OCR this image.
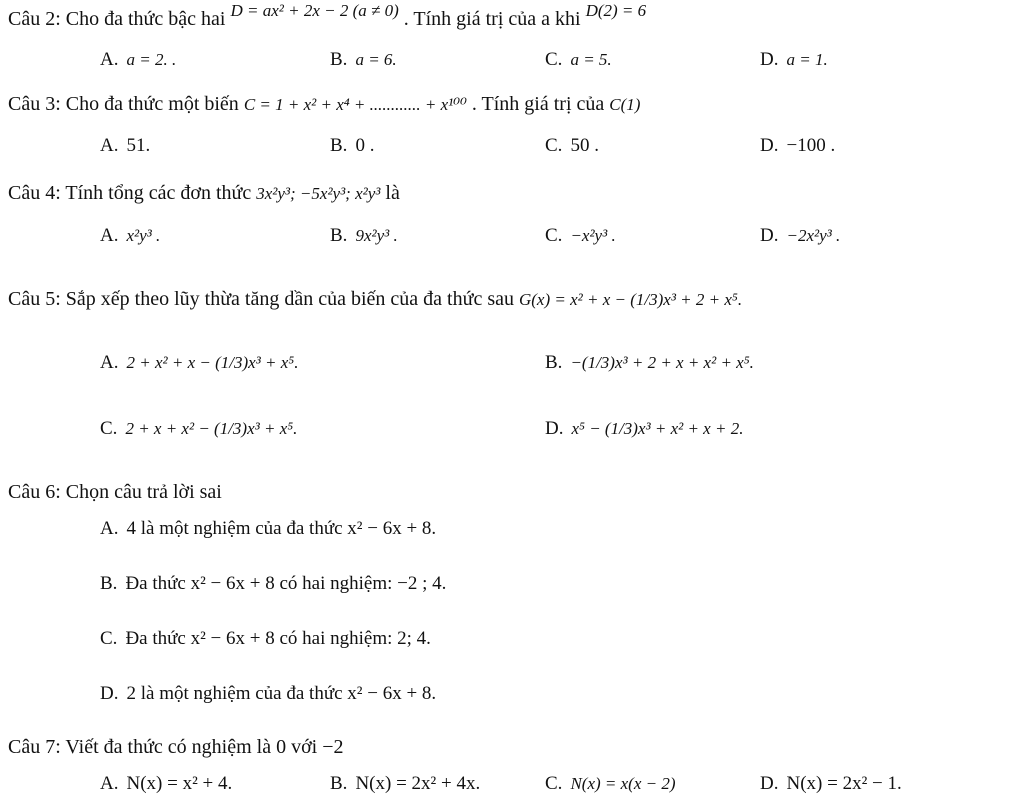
Câu 2: Cho đa thức bậc hai $^{D = ax^2 + 2x - 2 (a \ne 0)}$ . Tính giá trị của a khi $^{D(2) = 6}$
A. a = 2. .	B. a = 6.	C. a = 5.	D. a = 1.
Câu 3: Cho đa thức một biến C = 1 + x² + x⁴ + ............ + x¹⁰⁰ . Tính giá trị của C(1)
A. 51.	B. 0 .	C. 50 .	D. −100 .
Câu 4: Tính tổng các đơn thức 3x²y³; −5x²y³; x²y³ là
A. x²y³ .	B. 9x²y³ .	C. −x²y³ .	D. −2x²y³ .
Câu 5: Sắp xếp theo lũy thừa tăng dần của biến của đa thức sau G(x) = x² + x − (1/3)x³ + 2 + x⁵.
A. 2 + x² + x − (1/3)x³ + x⁵.	B. −(1/3)x³ + 2 + x + x² + x⁵.
C. 2 + x + x² − (1/3)x³ + x⁵.	D. x⁵ − (1/3)x³ + x² + x + 2.
Câu 6: Chọn câu trả lời sai
A. 4 là một nghiệm của đa thức x² − 6x + 8.
B. Đa thức x² − 6x + 8 có hai nghiệm: −2 ; 4.
C. Đa thức x² − 6x + 8 có hai nghiệm: 2; 4.
D. 2 là một nghiệm của đa thức x² − 6x + 8.
Câu 7: Viết đa thức có nghiệm là 0 với −2
A. N(x) = x² + 4.	B. N(x) = 2x² + 4x.	C. N(x) = x(x − 2)	D. N(x) = 2x² − 1.
